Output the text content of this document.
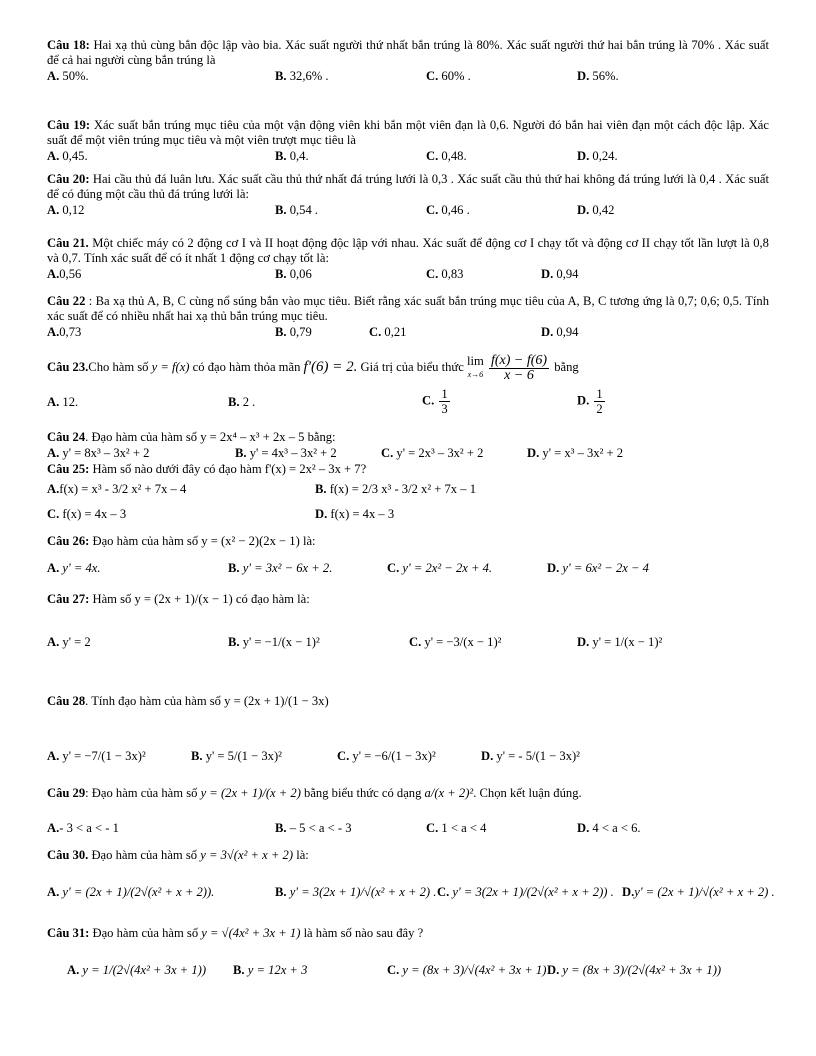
Câu 18: Hai xạ thủ cùng bắn độc lập vào bia. Xác suất người thứ nhất bắn trúng là 80%. Xác suất người thứ hai bắn trúng là 70% . Xác suất để cả hai người cùng bắn trúng là
A. 50%.	B. 32,6% .	C. 60% .	D. 56%.
Câu 19: Xác suất bắn trúng mục tiêu của một vận động viên khi bắn một viên đạn là 0,6. Người đó bắn hai viên đạn một cách độc lập. Xác suất để một viên trúng mục tiêu và một viên trượt mục tiêu là
A. 0,45.	B. 0,4.	C. 0,48.	D. 0,24.
Câu 20: Hai cầu thủ đá luân lưu. Xác suất cầu thủ thứ nhất đá trúng lưới là 0,3 . Xác suất cầu thủ thứ hai không đá trúng lưới là 0,4 . Xác suất để có đúng một cầu thủ đá trúng lưới là:
A. 0,12	B. 0,54 .	C. 0,46 .	D. 0,42
Câu 21. Một chiếc máy có 2 động cơ I và II hoạt động độc lập với nhau. Xác suất để động cơ I chạy tốt và động cơ II chạy tốt lần lượt là 0,8 và 0,7. Tính xác suất để có ít nhất 1 động cơ chạy tốt là:
A.0,56	B. 0,06	C. 0,83	D. 0,94
Câu 22 : Ba xạ thủ A, B, C cùng nổ súng bắn vào mục tiêu. Biết rằng xác suất bắn trúng mục tiêu của A, B, C tương ứng là 0,7; 0,6; 0,5. Tính xác suất để có nhiều nhất hai xạ thủ bắn trúng mục tiêu.
A.0,73	B. 0,79	C. 0,21	D. 0,94
Câu 23.Cho hàm số y = f(x) có đạo hàm thỏa mãn f′(6) = 2. Giá trị của biểu thức lim
$x\to 6 \frac{f(x) - f(6)}{x - 6}$ bằng
A. 12.	B. 2 .	C. $\frac{1}{3}$	D. $\frac{1}{2}$
Câu 24. Đạo hàm của hàm số y = 2x⁴ – x³ + 2x – 5 bằng:
A. y' = 8x³ – 3x² + 2	B. y' = 4x³ – 3x² + 2	C. y' = 2x³ – 3x² + 2	D. y' = x³ – 3x² + 2
Câu 25: Hàm số nào dưới đây có đạo hàm f'(x) = 2x² – 3x + 7?
A.f(x) = x³ - 3/2 x² + 7x – 4	B. f(x) = 2/3 x³ - 3/2 x² + 7x – 1
C. f(x) = 4x – 3	D. f(x) = 4x – 3
Câu 26: Đạo hàm của hàm số y = (x² − 2)(2x − 1) là:
A. y' = 4x.	B. y' = 3x² − 6x + 2.	C. y' = 2x² − 2x + 4.	D. y' = 6x² − 2x − 4
Câu 27: Hàm số y = (2x + 1)/(x − 1) có đạo hàm là:
A. y' = 2	B. y' = −1/(x − 1)²	C. y' = −3/(x − 1)²	D. y' = 1/(x − 1)²
Câu 28. Tính đạo hàm của hàm số y = (2x + 1)/(1 − 3x)
A. y' = −7/(1 − 3x)²	B. y' = 5/(1 − 3x)²	C. y' = −6/(1 − 3x)²	D. y' = - 5/(1 − 3x)²
Câu 29: Đạo hàm của hàm số y = (2x + 1)/(x + 2) bằng biểu thức có dạng a/(x + 2)². Chọn kết luận đúng.
A.- 3 < a < - 1	B. – 5 < a < - 3	C. 1 < a < 4	D. 4 < a < 6.
Câu 30. Đạo hàm của hàm số y = 3√(x² + x + 2) là:
A. y' = (2x + 1)/(2√(x² + x + 2)).	B. y' = 3(2x + 1)/√(x² + x + 2) . C. y' = 3(2x + 1)/(2√(x² + x + 2)) . D.y' = (2x + 1)/√(x² + x + 2) .
Câu 31: Đạo hàm của hàm số y = √(4x² + 3x + 1) là hàm số nào sau đây ?
A. y = 1/(2√(4x² + 3x + 1)) B. y = 12x + 3	C. y = (8x + 3)/√(4x² + 3x + 1) D. y = (8x + 3)/(2√(4x² + 3x + 1))
